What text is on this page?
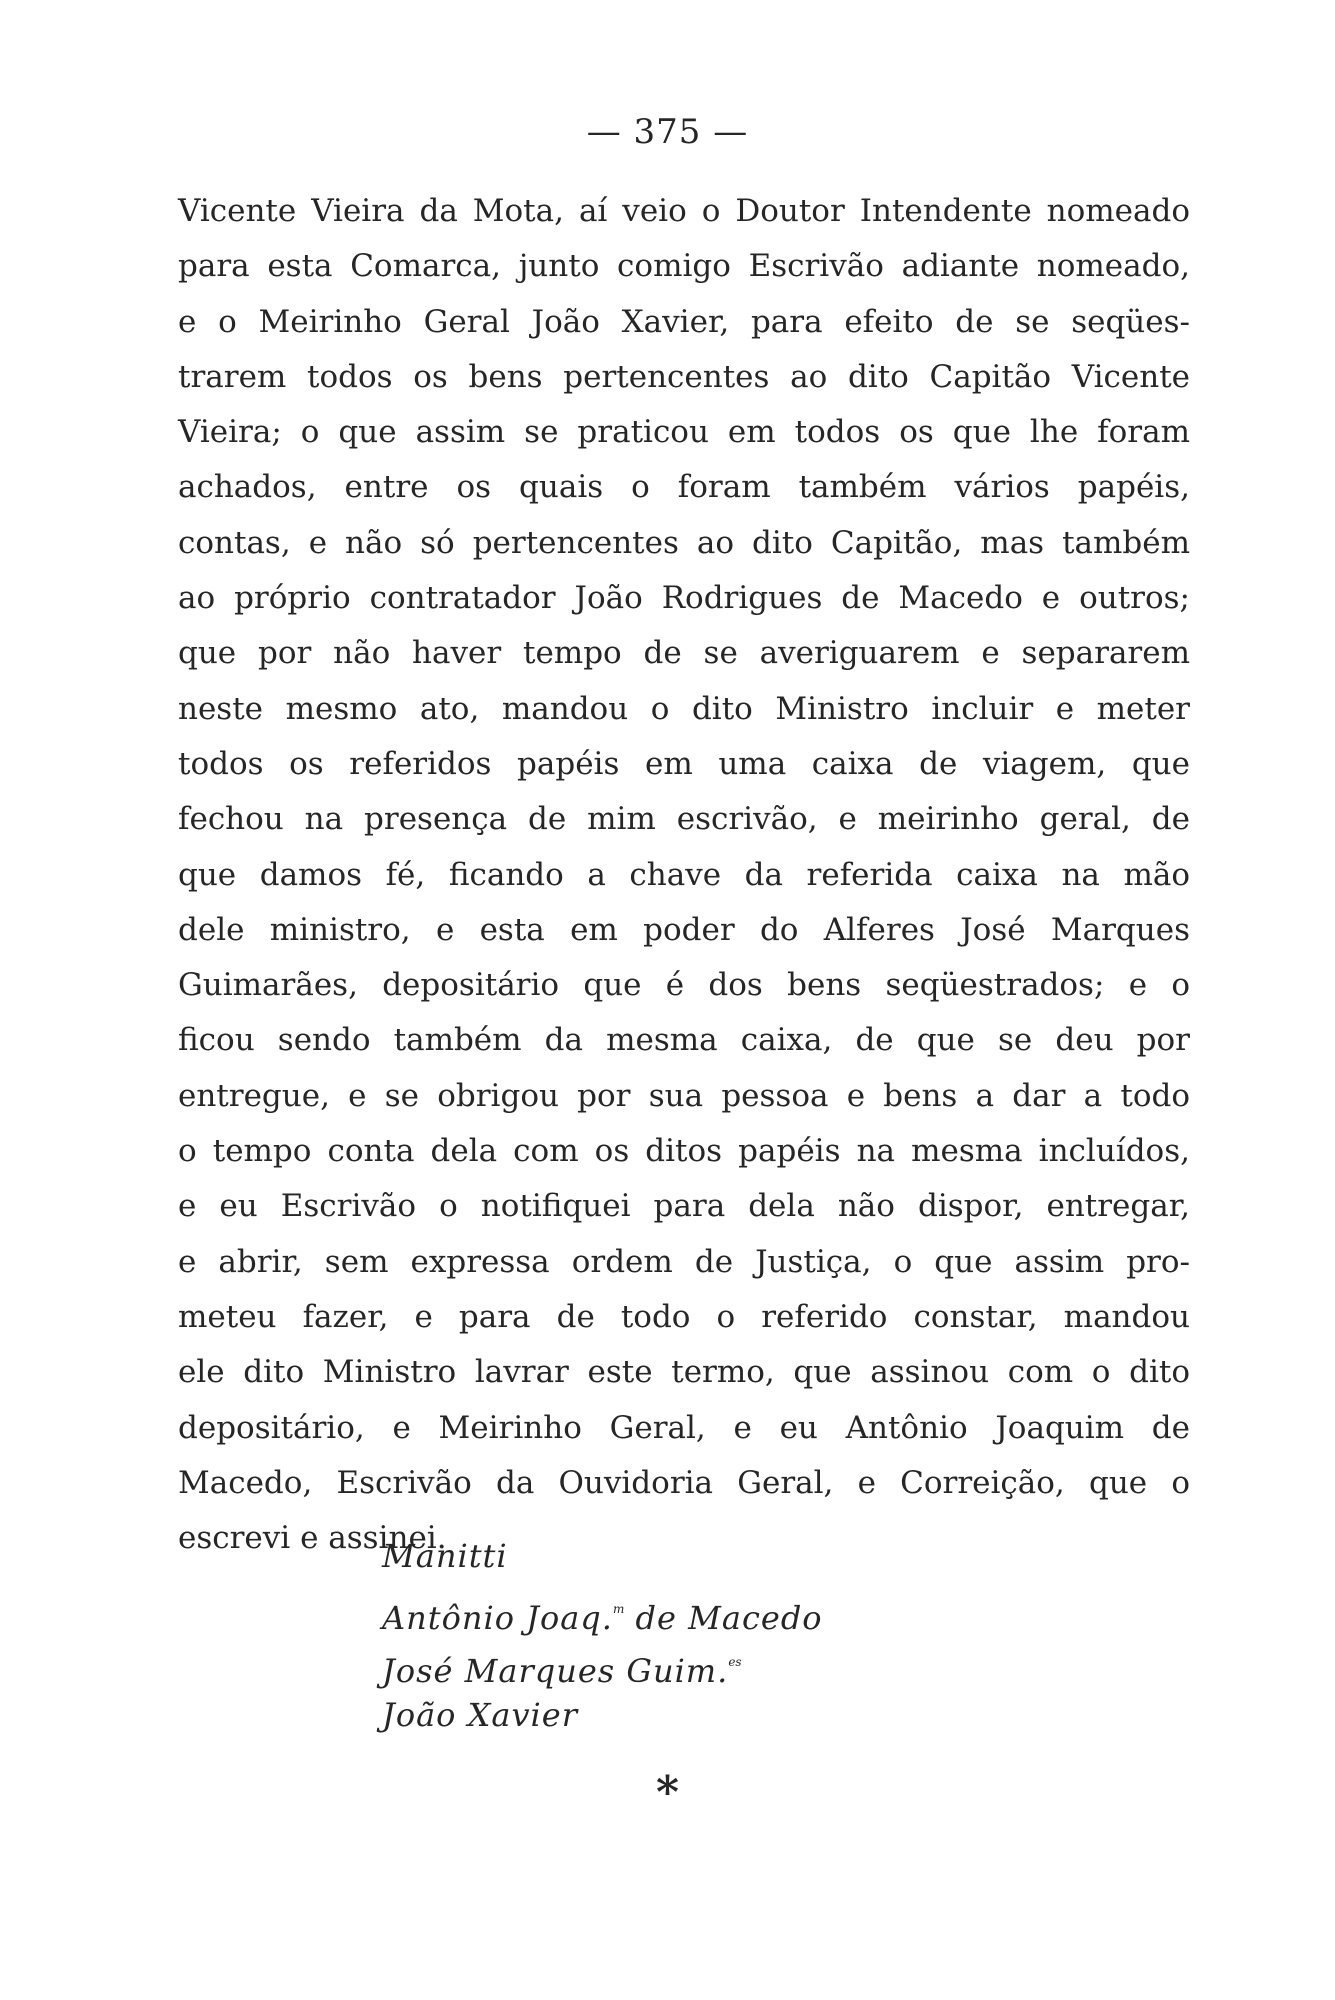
— 375 —
Vicente Vieira da Mota, aí veio o Doutor Intendente nomeado
para esta Comarca, junto comigo Escrivão adiante nomeado,
e o Meirinho Geral João Xavier, para efeito de se seqües-
trarem todos os bens pertencentes ao dito Capitão Vicente
Vieira; o que assim se praticou em todos os que lhe foram
achados, entre os quais o foram também vários papéis,
contas, e não só pertencentes ao dito Capitão, mas também
ao próprio contratador João Rodrigues de Macedo e outros;
que por não haver tempo de se averiguarem e separarem
neste mesmo ato, mandou o dito Ministro incluir e meter
todos os referidos papéis em uma caixa de viagem, que
fechou na presença de mim escrivão, e meirinho geral, de
que damos fé, ficando a chave da referida caixa na mão
dele ministro, e esta em poder do Alferes José Marques
Guimarães, depositário que é dos bens seqüestrados; e o
ficou sendo também da mesma caixa, de que se deu por
entregue, e se obrigou por sua pessoa e bens a dar a todo
o tempo conta dela com os ditos papéis na mesma incluídos,
e eu Escrivão o notifiquei para dela não dispor, entregar,
e abrir, sem expressa ordem de Justiça, o que assim pro-
meteu fazer, e para de todo o referido constar, mandou
ele dito Ministro lavrar este termo, que assinou com o dito
depositário, e Meirinho Geral, e eu Antônio Joaquim de
Macedo, Escrivão da Ouvidoria Geral, e Correição, que o
escrevi e assinei.
Manitti
Antônio Joaq.$^m$ de Macedo
José Marques Guim.$^{es}$
João Xavier
*
